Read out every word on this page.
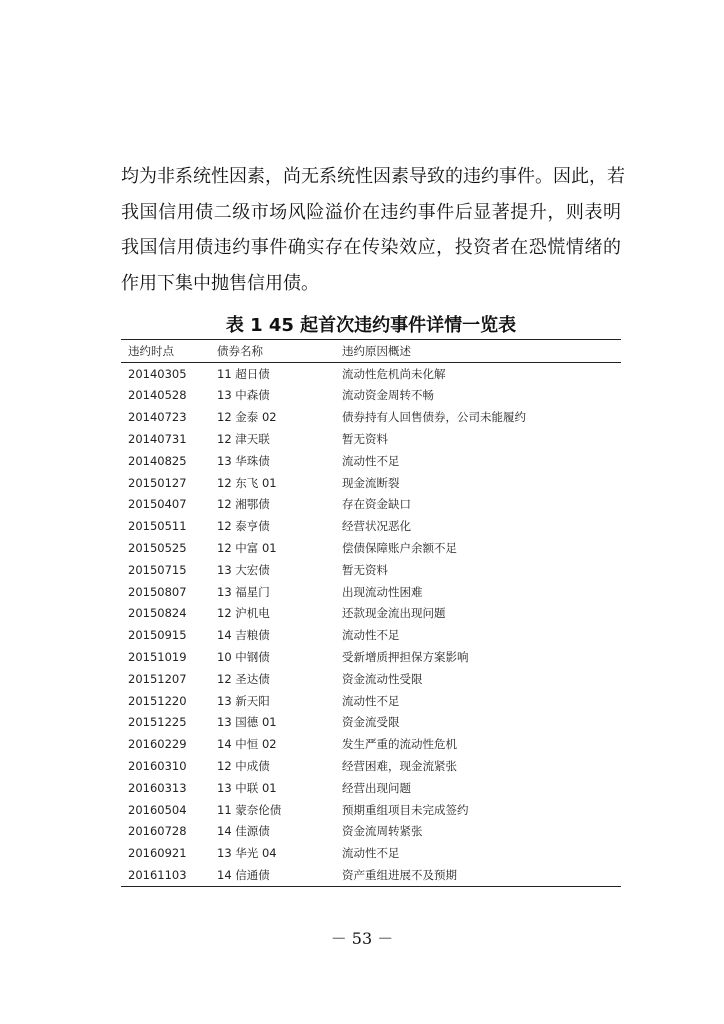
均为非系统性因素，尚无系统性因素导致的违约事件。因此，若
我国信用债二级市场风险溢价在违约事件后显著提升，则表明
我国信用债违约事件确实存在传染效应，投资者在恐慌情绪的
作用下集中抛售信用债。
表 1 45 起首次违约事件详情一览表
违约时点	债券名称	违约原因概述
20140305	11 超日债	流动性危机尚未化解
20140528	13 中森债	流动资金周转不畅
20140723	12 金泰 02	债券持有人回售债券，公司未能履约
20140731	12 津天联	暂无资料
20140825	13 华珠债	流动性不足
20150127	12 东飞 01	现金流断裂
20150407	12 湘鄂债	存在资金缺口
20150511	12 泰亨债	经营状况恶化
20150525	12 中富 01	偿债保障账户余额不足
20150715	13 大宏债	暂无资料
20150807	13 福星门	出现流动性困难
20150824	12 沪机电	还款现金流出现问题
20150915	14 吉粮债	流动性不足
20151019	10 中钢债	受新增质押担保方案影响
20151207	12 圣达债	资金流动性受限
20151220	13 新天阳	流动性不足
20151225	13 国德 01	资金流受限
20160229	14 中恒 02	发生严重的流动性危机
20160310	12 中成债	经营困难，现金流紧张
20160313	13 中联 01	经营出现问题
20160504	11 蒙奈伦债	预期重组项目未完成签约
20160728	14 佳源债	资金流周转紧张
20160921	13 华光 04	流动性不足
20161103	14 信通债	资产重组进展不及预期
－ 53 －
